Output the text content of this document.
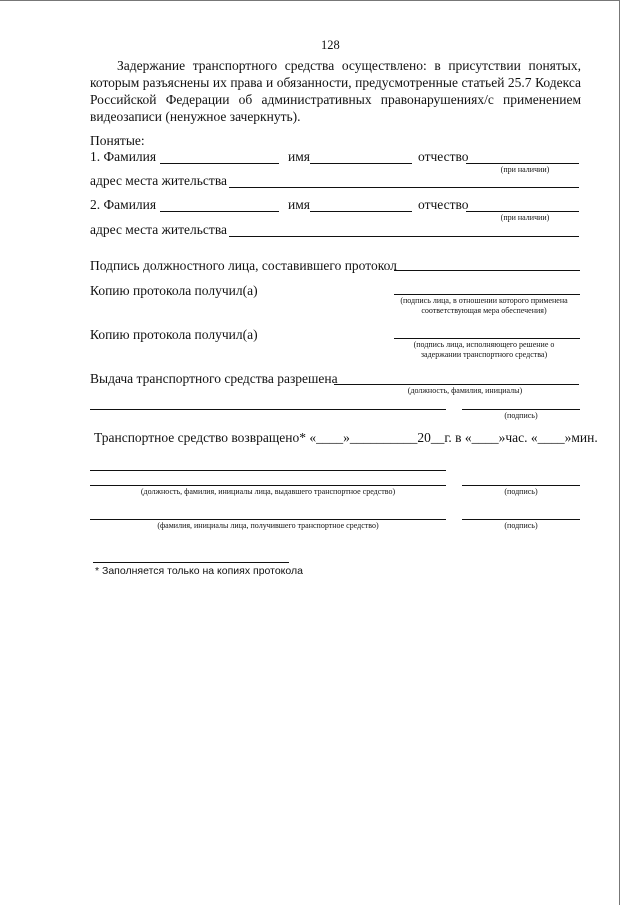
128
Задержание транспортного средства осуществлено: в присутствии понятых,
которым разъяснены их права и обязанности, предусмотренные статьей 25.7 Кодекса
Российской Федерации об административных правонарушениях/с применением
видеозаписи (ненужное зачеркнуть).
Понятые:
1. Фамилия	имя	отчество
(при наличии)
адрес места жительства
2. Фамилия	имя	отчество
(при наличии)
адрес места жительства
Подпись должностного лица, составившего протокол
Копию протокола получил(а)
(подпись лица, в отношении которого применена
соответствующая мера обеспечения)
Копию протокола получил(а)
(подпись лица, исполняющего решение о
задержании транспортного средства)
Выдача транспортного средства разрешена
(должность, фамилия, инициалы)
(подпись)
Транспортное средство возвращено* «____»__________20__г. в «____»час. «____»мин.
(должность, фамилия, инициалы лица, выдавшего транспортное средство)	(подпись)
(фамилия, инициалы лица, получившего транспортное средство)	(подпись)
* Заполняется только на копиях протокола
